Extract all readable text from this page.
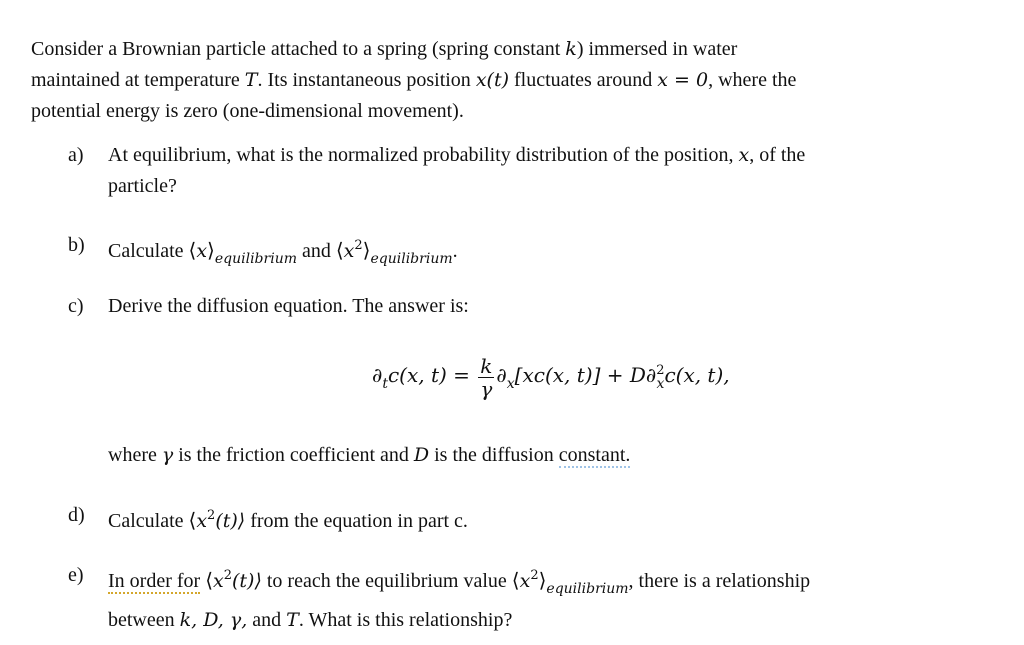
Consider a Brownian particle attached to a spring (spring constant k) immersed in water
maintained at temperature T. Its instantaneous position x(t) fluctuates around x = 0, where the
potential energy is zero (one-dimensional movement).
a) At equilibrium, what is the normalized probability distribution of the position, x, of the
particle?
b) Calculate $⟨x⟩_{equilibrium}$ and $⟨x^2⟩_{equilibrium}$.
c) Derive the diffusion equation. The answer is:
$\partial_tc(x$, $t) = \frac{k}{\gamma} \partial_x[xc(x$, t)] + D∂$^2_x$c(x, t),
where γ is the friction coefficient and D is the diffusion constant.
d) Calculate $⟨x^2(t)⟩$ from the equation in part c.
e) In order for $⟨x^2(t)⟩$ to reach the equilibrium value $⟨x^2⟩_{equilibrium}$, there is a relationship
between k, D, γ, and T. What is this relationship?
